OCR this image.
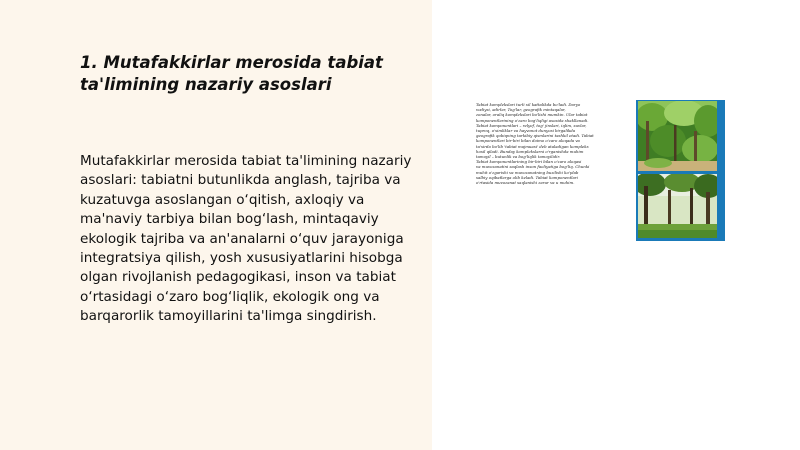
1. Mutafakkirlar merosida tabiat ta'limining nazariy asoslari

Mutafakkirlar merosida tabiat ta'limining nazariy asoslari: tabiatni butunlikda anglash, tajriba va kuzatuvga asoslangan o‘qitish, axloqiy va ma'naviy tarbiya bilan bog‘lash, mintaqaviy ekologik tajriba va an'analarni o‘quv jarayoniga integratsiya qilish, yosh xususiyatlarini hisobga olgan rivojlanish pedagogikasi, inson va tabiat o‘rtasidagi o‘zaro bog‘liqlik, ekologik ong va barqarorlik tamoyillarini ta'limga singdirish.

Tabiat komplekslari turli xil kattalikda bo'ladi. Daryo
vodiysi, adirlar, Tog'lar, geografik mintaqalar,
zonalar, oraliq komplekslari bo'lishi mumkin. Ular tabiat
komponentlarining o'zaro bog'liqligi asosida shakllanadi.
Tabiat komponentlari – relyef, tog' jinslari, iqlim, suvlar,
tuproq, o'simliklar va hayvonot dunyosi birgalikda
geografik qobiqning tarkibiy qismlarini tashkil etadi. Tabiat
komponentlari bir-biri bilan doimo o'zaro aloqada va
ta'sirda bo'lib 'tabiat majmuasi' deb ataladigan kompleks
hosil qiladi. Bunday komplekslarni o'rganishda muhim
tamoyil – butunlik va bog'liqlik tamoyilidir.
Tabiat komponentlarining bir-biri bilan o'zaro aloqasi
va muvozanatini saqlash inson faoliyatiga bog'liq. Chunki
muhit o'zgarishi va muvozanatning buzilishi ko'plab
salbiy oqibatlarga olib keladi. Tabiat komponentlari
o'rtasida muvozanat saqlanishi zarur va u muhim.
